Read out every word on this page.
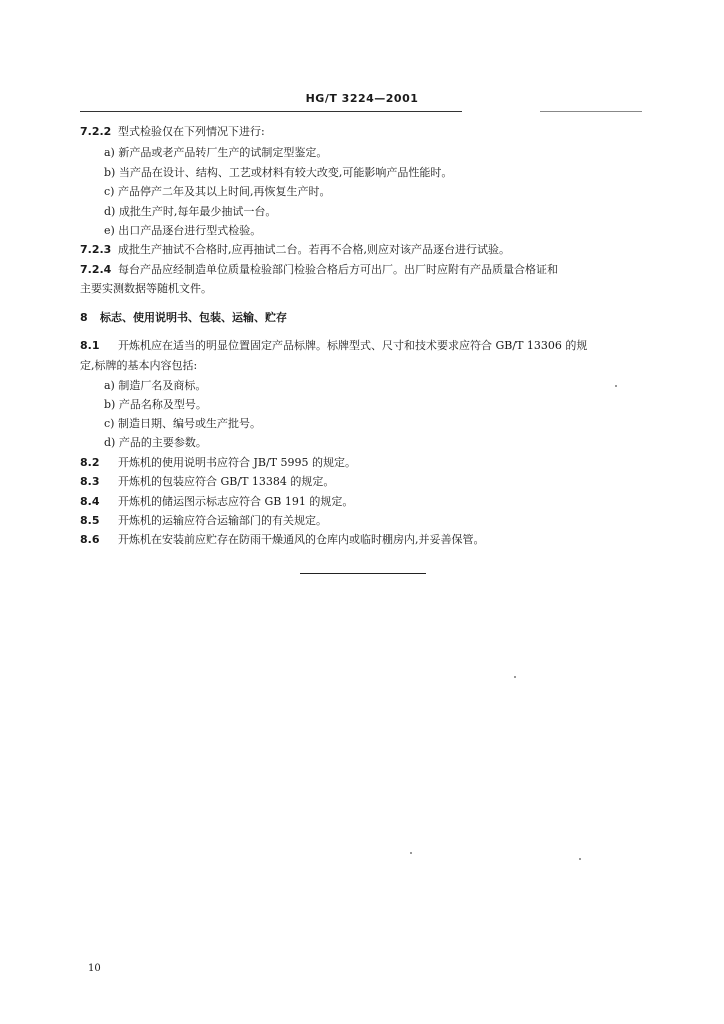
HG/T 3224—2001
7.2.2 型式检验仅在下列情况下进行:
a) 新产品或老产品转厂生产的试制定型鉴定。
b) 当产品在设计、结构、工艺或材料有较大改变,可能影响产品性能时。
c) 产品停产二年及其以上时间,再恢复生产时。
d) 成批生产时,每年最少抽试一台。
e) 出口产品逐台进行型式检验。
7.2.3 成批生产抽试不合格时,应再抽试二台。若再不合格,则应对该产品逐台进行试验。
7.2.4 每台产品应经制造单位质量检验部门检验合格后方可出厂。出厂时应附有产品质量合格证和
主要实测数据等随机文件。
8 标志、使用说明书、包装、运输、贮存
8.1 开炼机应在适当的明显位置固定产品标牌。标牌型式、尺寸和技术要求应符合 GB/T 13306 的规
定,标牌的基本内容包括:
a) 制造厂名及商标。
b) 产品名称及型号。
c) 制造日期、编号或生产批号。
d) 产品的主要参数。
8.2 开炼机的使用说明书应符合 JB/T 5995 的规定。
8.3 开炼机的包装应符合 GB/T 13384 的规定。
8.4 开炼机的储运图示标志应符合 GB 191 的规定。
8.5 开炼机的运输应符合运输部门的有关规定。
8.6 开炼机在安装前应贮存在防雨干燥通风的仓库内或临时棚房内,并妥善保管。
10
